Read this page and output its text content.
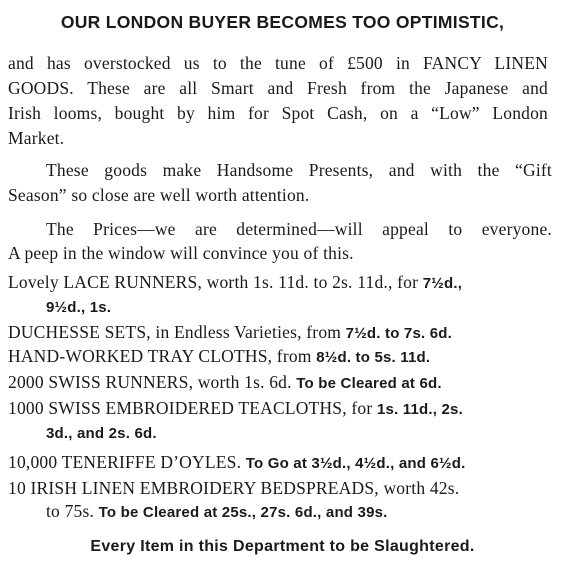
OUR LONDON BUYER BECOMES TOO OPTIMISTIC,
and has overstocked us to the tune of £500 in FANCY LINEN
GOODS. These are all Smart and Fresh from the Japanese and
Irish looms, bought by him for Spot Cash, on a “Low” London
Market.
These goods make Handsome Presents, and with the “Gift
Season” so close are well worth attention.
The Prices—we are determined—will appeal to everyone.
A peep in the window will convince you of this.
Lovely LACE RUNNERS, worth 1s. 11d. to 2s. 11d., for 7½d.,
9½d., 1s.
DUCHESSE SETS, in Endless Varieties, from 7½d. to 7s. 6d.
HAND-WORKED TRAY CLOTHS, from 8½d. to 5s. 11d.
2000 SWISS RUNNERS, worth 1s. 6d. To be Cleared at 6d.
1000 SWISS EMBROIDERED TEACLOTHS, for 1s. 11d., 2s.
3d., and 2s. 6d.
10,000 TENERIFFE D’OYLES. To Go at 3½d., 4½d., and 6½d.
10 IRISH LINEN EMBROIDERY BEDSPREADS, worth 42s.
to 75s. To be Cleared at 25s., 27s. 6d., and 39s.
Every Item in this Department to be Slaughtered.
